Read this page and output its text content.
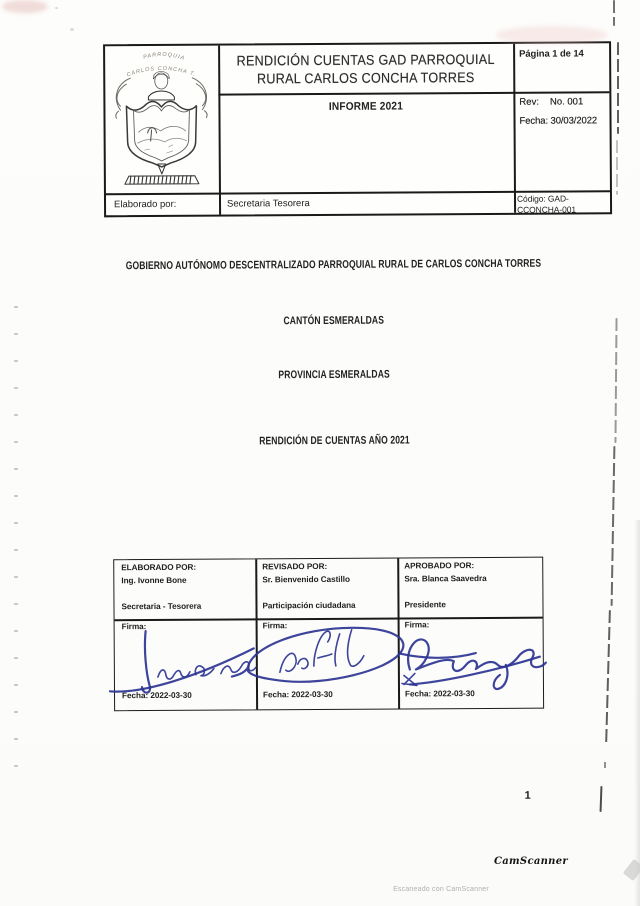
PARROQUIA
CARLOS CONCHA T.
RENDICIÓN CUENTAS GAD PARROQUIAL
RURAL CARLOS CONCHA TORRES
INFORME 2021
Página 1 de 14
Rev: No. 001
Fecha: 30/03/2022
Elaborado por:	Secretaria Tesorera	Código: GAD-CCONCHA-001
GOBIERNO AUTÓNOMO DESCENTRALIZADO PARROQUIAL RURAL DE CARLOS CONCHA TORRES
CANTÓN ESMERALDAS
PROVINCIA ESMERALDAS
RENDICIÓN DE CUENTAS AÑO 2021
ELABORADO POR:
Ing. Ivonne Bone
Secretaria - Tesorera
Firma:
Fecha: 2022-03-30
REVISADO POR:
Sr. Bienvenido Castillo
Participación ciudadana
Firma:
Fecha: 2022-03-30
APROBADO POR:
Sra. Blanca Saavedra
Presidente
Firma:
Fecha: 2022-03-30
1
CamScanner
Escaneado con CamScanner
